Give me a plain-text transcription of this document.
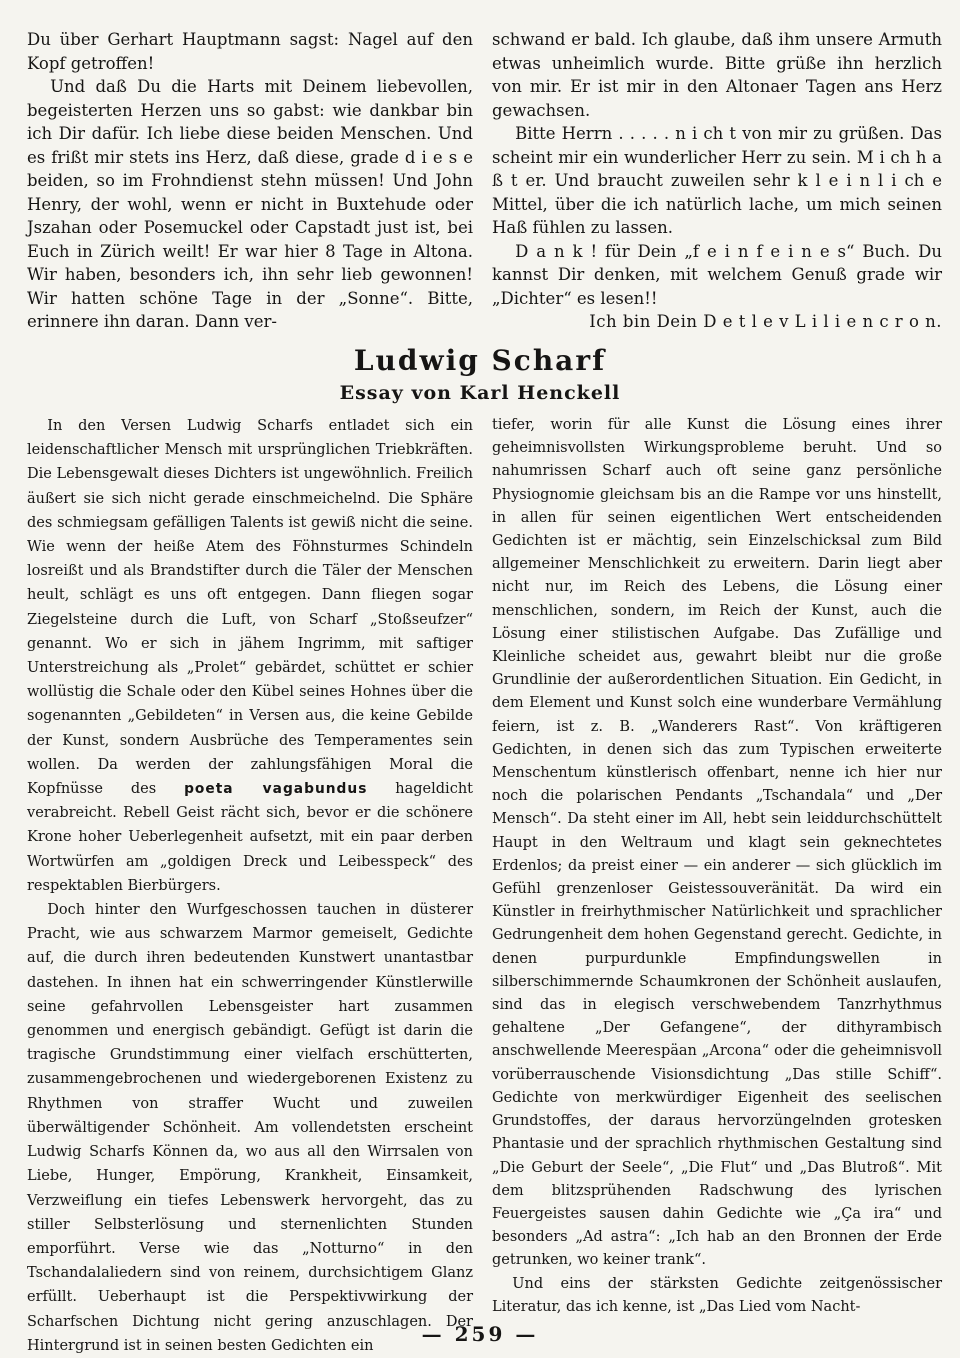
Du über Gerhart Hauptmann sagst: Nagel auf den Kopf getroffen!

Und daß Du die Harts mit Deinem liebevollen, begeisterten Herzen uns so gabst: wie dankbar bin ich Dir dafür. Ich liebe diese beiden Menschen. Und es frißt mir stets ins Herz, daß diese, grade d i e s e beiden, so im Frohndienst stehn müssen! Und John Henry, der wohl, wenn er nicht in Buxtehude oder Jszahan oder Posemuckel oder Capstadt just ist, bei Euch in Zürich weilt! Er war hier 8 Tage in Altona. Wir haben, besonders ich, ihn sehr lieb gewonnen! Wir hatten schöne Tage in der „Sonne“. Bitte, erinnere ihn daran. Dann ver-

schwand er bald. Ich glaube, daß ihm unsere Armuth etwas unheimlich wurde. Bitte grüße ihn herzlich von mir. Er ist mir in den Altonaer Tagen ans Herz gewachsen.

Bitte Herrn . . . . . n i ch t von mir zu grüßen. Das scheint mir ein wunderlicher Herr zu sein. M i ch h a ß t er. Und braucht zuweilen sehr k l e i n l i ch e Mittel, über die ich natürlich lache, um mich seinen Haß fühlen zu lassen.

D a n k ! für Dein „f e i n f e i n e s“ Buch. Du kannst Dir denken, mit welchem Genuß grade wir „Dichter“ es lesen!!

Ich bin Dein D e t l e v L i l i e n c r o n.

Ludwig Scharf
Essay von Karl Henckell

In den Versen Ludwig Scharfs entladet sich ein leidenschaftlicher Mensch mit ursprünglichen Triebkräften. Die Lebensgewalt dieses Dichters ist ungewöhnlich. Freilich äußert sie sich nicht gerade einschmeichelnd. Die Sphäre des schmiegsam gefälligen Talents ist gewiß nicht die seine. Wie wenn der heiße Atem des Föhnsturmes Schindeln losreißt und als Brandstifter durch die Täler der Menschen heult, schlägt es uns oft entgegen. Dann fliegen sogar Ziegelsteine durch die Luft, von Scharf „Stoßseufzer“ genannt. Wo er sich in jähem Ingrimm, mit saftiger Unterstreichung als „Prolet“ gebärdet, schüttet er schier wollüstig die Schale oder den Kübel seines Hohnes über die sogenannten „Gebildeten“ in Versen aus, die keine Gebilde der Kunst, sondern Ausbrüche des Temperamentes sein wollen. Da werden der zahlungsfähigen Moral die Kopfnüsse des poeta vagabundus hageldicht verabreicht. Rebell Geist rächt sich, bevor er die schönere Krone hoher Ueberlegenheit aufsetzt, mit ein paar derben Wortwürfen am „goldigen Dreck und Leibesspeck“ des respektablen Bierbürgers.

Doch hinter den Wurfgeschossen tauchen in düsterer Pracht, wie aus schwarzem Marmor gemeiselt, Gedichte auf, die durch ihren bedeutenden Kunstwert unantastbar dastehen. In ihnen hat ein schwerringender Künstlerwille seine gefahrvollen Lebensgeister hart zusammen genommen und energisch gebändigt. Gefügt ist darin die tragische Grundstimmung einer vielfach erschütterten, zusammengebrochenen und wiedergeborenen Existenz zu Rhythmen von straffer Wucht und zuweilen überwältigender Schönheit. Am vollendetsten erscheint Ludwig Scharfs Können da, wo aus all den Wirrsalen von Liebe, Hunger, Empörung, Krankheit, Einsamkeit, Verzweiflung ein tiefes Lebenswerk hervorgeht, das zu stiller Selbsterlösung und sternenlichten Stunden emporführt. Verse wie das „Notturno“ in den Tschandalaliedern sind von reinem, durchsichtigem Glanz erfüllt. Ueberhaupt ist die Perspektivwirkung der Scharfschen Dichtung nicht gering anzuschlagen. Der Hintergrund ist in seinen besten Gedichten ein

tiefer, worin für alle Kunst die Lösung eines ihrer geheimnisvollsten Wirkungsprobleme beruht. Und so nahumrissen Scharf auch oft seine ganz persönliche Physiognomie gleichsam bis an die Rampe vor uns hinstellt, in allen für seinen eigentlichen Wert entscheidenden Gedichten ist er mächtig, sein Einzelschicksal zum Bild allgemeiner Menschlichkeit zu erweitern. Darin liegt aber nicht nur, im Reich des Lebens, die Lösung einer menschlichen, sondern, im Reich der Kunst, auch die Lösung einer stilistischen Aufgabe. Das Zufällige und Kleinliche scheidet aus, gewahrt bleibt nur die große Grundlinie der außerordentlichen Situation. Ein Gedicht, in dem Element und Kunst solch eine wunderbare Vermählung feiern, ist z. B. „Wanderers Rast“. Von kräftigeren Gedichten, in denen sich das zum Typischen erweiterte Menschentum künstlerisch offenbart, nenne ich hier nur noch die polarischen Pendants „Tschandala“ und „Der Mensch“. Da steht einer im All, hebt sein leiddurchschüttelt Haupt in den Weltraum und klagt sein geknechtetes Erdenlos; da preist einer — ein anderer — sich glücklich im Gefühl grenzenloser Geistessouveränität. Da wird ein Künstler in freirhythmischer Natürlichkeit und sprachlicher Gedrungenheit dem hohen Gegenstand gerecht. Gedichte, in denen purpurdunkle Empfindungswellen in silberschimmernde Schaumkronen der Schönheit auslaufen, sind das in elegisch verschwebendem Tanzrhythmus gehaltene „Der Gefangene“, der dithyrambisch anschwellende Meerespäan „Arcona“ oder die geheimnisvoll vorüberrauschende Visionsdichtung „Das stille Schiff“. Gedichte von merkwürdiger Eigenheit des seelischen Grundstoffes, der daraus hervorzüngelnden grotesken Phantasie und der sprachlich rhythmischen Gestaltung sind „Die Geburt der Seele“, „Die Flut“ und „Das Blutroß“. Mit dem blitzsprühenden Radschwung des lyrischen Feuergeistes sausen dahin Gedichte wie „Ça ira“ und besonders „Ad astra“: „Ich hab an den Bronnen der Erde getrunken, wo keiner trank“.

Und eins der stärksten Gedichte zeitgenössischer Literatur, das ich kenne, ist „Das Lied vom Nacht-

— 259 —
